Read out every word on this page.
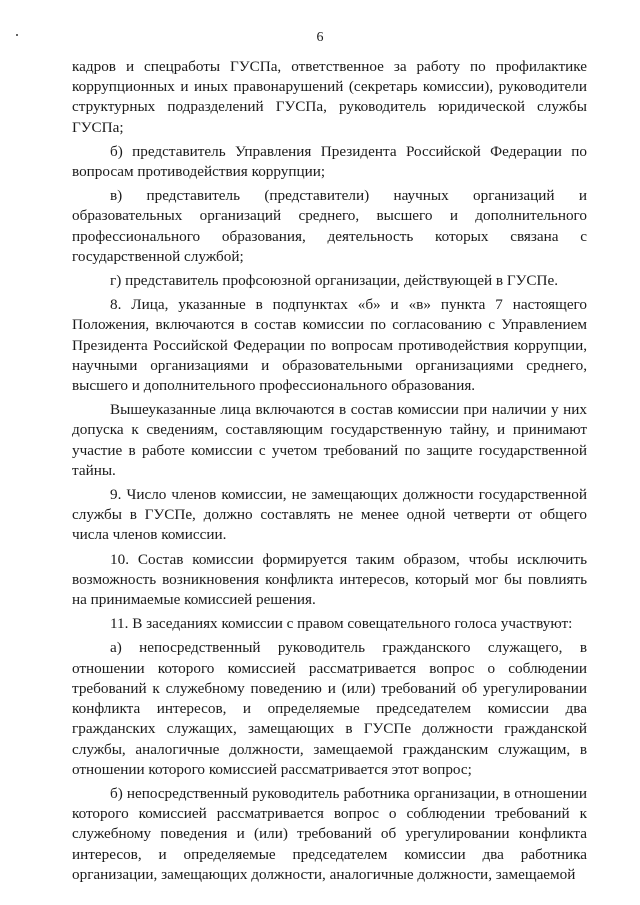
6

кадров и спецработы ГУСПа, ответственное за работу по профилактике коррупционных и иных правонарушений (секретарь комиссии), руководители структурных подразделений ГУСПа, руководитель юридической службы ГУСПа;

б) представитель Управления Президента Российской Федерации по вопросам противодействия коррупции;

в) представитель (представители) научных организаций и образовательных организаций среднего, высшего и дополнительного профессионального образования, деятельность которых связана с государственной службой;

г) представитель профсоюзной организации, действующей в ГУСПе.

8. Лица, указанные в подпунктах «б» и «в» пункта 7 настоящего Положения, включаются в состав комиссии по согласованию с Управлением Президента Российской Федерации по вопросам противодействия коррупции, научными организациями и образовательными организациями среднего, высшего и дополнительного профессионального образования.

Вышеуказанные лица включаются в состав комиссии при наличии у них допуска к сведениям, составляющим государственную тайну, и принимают участие в работе комиссии с учетом требований по защите государственной тайны.

9. Число членов комиссии, не замещающих должности государственной службы в ГУСПе, должно составлять не менее одной четверти от общего числа членов комиссии.

10. Состав комиссии формируется таким образом, чтобы исключить возможность возникновения конфликта интересов, который мог бы повлиять на принимаемые комиссией решения.

11. В заседаниях комиссии с правом совещательного голоса участвуют:

а) непосредственный руководитель гражданского служащего, в отношении которого комиссией рассматривается вопрос о соблюдении требований к служебному поведению и (или) требований об урегулировании конфликта интересов, и определяемые председателем комиссии два гражданских служащих, замещающих в ГУСПе должности гражданской службы, аналогичные должности, замещаемой гражданским служащим, в отношении которого комиссией рассматривается этот вопрос;

б) непосредственный руководитель работника организации, в отношении которого комиссией рассматривается вопрос о соблюдении требований к служебному поведения и (или) требований об урегулировании конфликта интересов, и определяемые председателем комиссии два работника организации, замещающих должности, аналогичные должности, замещаемой
